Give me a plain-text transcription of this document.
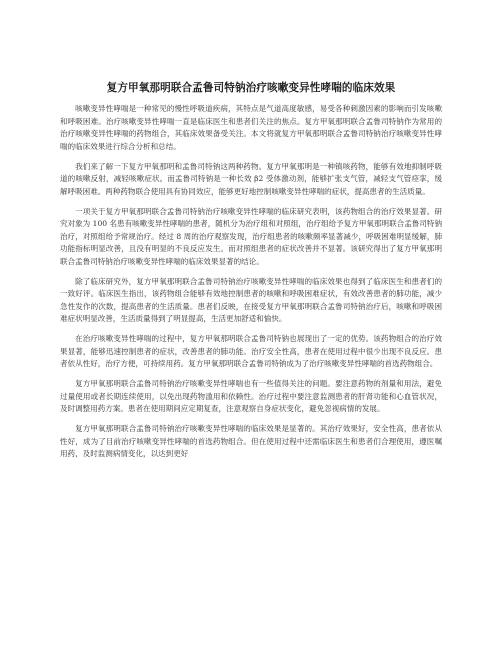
复方甲氧那明联合孟鲁司特钠治疗咳嗽变异性哮喘的临床效果

咳嗽变异性哮喘是一种常见的慢性呼吸道疾病，其特点是气道高度敏感，易受各种刺激因素的影响而引发咳嗽和呼吸困难。治疗咳嗽变异性哮喘一直是临床医生和患者们关注的焦点。复方甲氧那明联合孟鲁司特钠作为常用的治疗咳嗽变异性哮喘的药物组合，其临床效果备受关注。本文将就复方甲氧那明联合孟鲁司特钠治疗咳嗽变异性哮喘的临床效果进行综合分析和总结。

我们来了解一下复方甲氧那明和孟鲁司特钠这两种药物。复方甲氧那明是一种镇咳药物，能够有效地抑制呼吸道的咳嗽反射，减轻咳嗽症状。而孟鲁司特钠是一种长效 β2 受体激动剂，能够扩张支气管，减轻支气管痉挛，缓解呼吸困难。两种药物联合使用具有协同效应，能够更好地控制咳嗽变异性哮喘的症状，提高患者的生活质量。

一项关于复方甲氧那明联合孟鲁司特钠治疗咳嗽变异性哮喘的临床研究表明，该药物组合的治疗效果显著。研究对象为 100 名患有咳嗽变异性哮喘的患者，随机分为治疗组和对照组，治疗组给予复方甲氧那明联合孟鲁司特钠治疗，对照组给予常规治疗。经过 8 周的治疗观察发现，治疗组患者的咳嗽频率显著减少，呼吸困难明显缓解，肺功能指标明显改善，且没有明显的不良反应发生。而对照组患者的症状改善并不显著。该研究得出了复方甲氧那明联合孟鲁司特钠治疗咳嗽变异性哮喘的临床效果显著的结论。

除了临床研究外，复方甲氧那明联合孟鲁司特钠治疗咳嗽变异性哮喘的临床效果也得到了临床医生和患者们的一致好评。临床医生指出，该药物组合能够有效地控制患者的咳嗽和呼吸困难症状，有效改善患者的肺功能，减少急性发作的次数，提高患者的生活质量。患者们反映，在接受复方甲氧那明联合孟鲁司特钠治疗后，咳嗽和呼吸困难症状明显改善，生活质量得到了明显提高，生活更加舒适和愉快。

在治疗咳嗽变异性哮喘的过程中，复方甲氧那明联合孟鲁司特钠也展现出了一定的优势。该药物组合的治疗效果显著，能够迅速控制患者的症状，改善患者的肺功能。治疗安全性高，患者在使用过程中很少出现不良反应。患者依从性好，治疗方便，可持续用药。复方甲氧那明联合孟鲁司特钠成为了治疗咳嗽变异性哮喘的首选药物组合。

复方甲氧那明联合孟鲁司特钠治疗咳嗽变异性哮喘也有一些值得关注的问题。要注意药物的剂量和用法，避免过量使用或者长期连续使用，以免出现药物滥用和依赖性。治疗过程中要注意监测患者的肝肾功能和心血管状况，及时调整用药方案。患者在使用期间应定期复查，注意观察自身症状变化，避免忽视病情的发展。

复方甲氧那明联合孟鲁司特钠治疗咳嗽变异性哮喘的临床效果是显著的。其治疗效果好，安全性高，患者依从性好，成为了目前治疗咳嗽变异性哮喘的首选药物组合。但在使用过程中还需临床医生和患者们合理使用，遵医嘱用药，及时监测病情变化，以达到更好
